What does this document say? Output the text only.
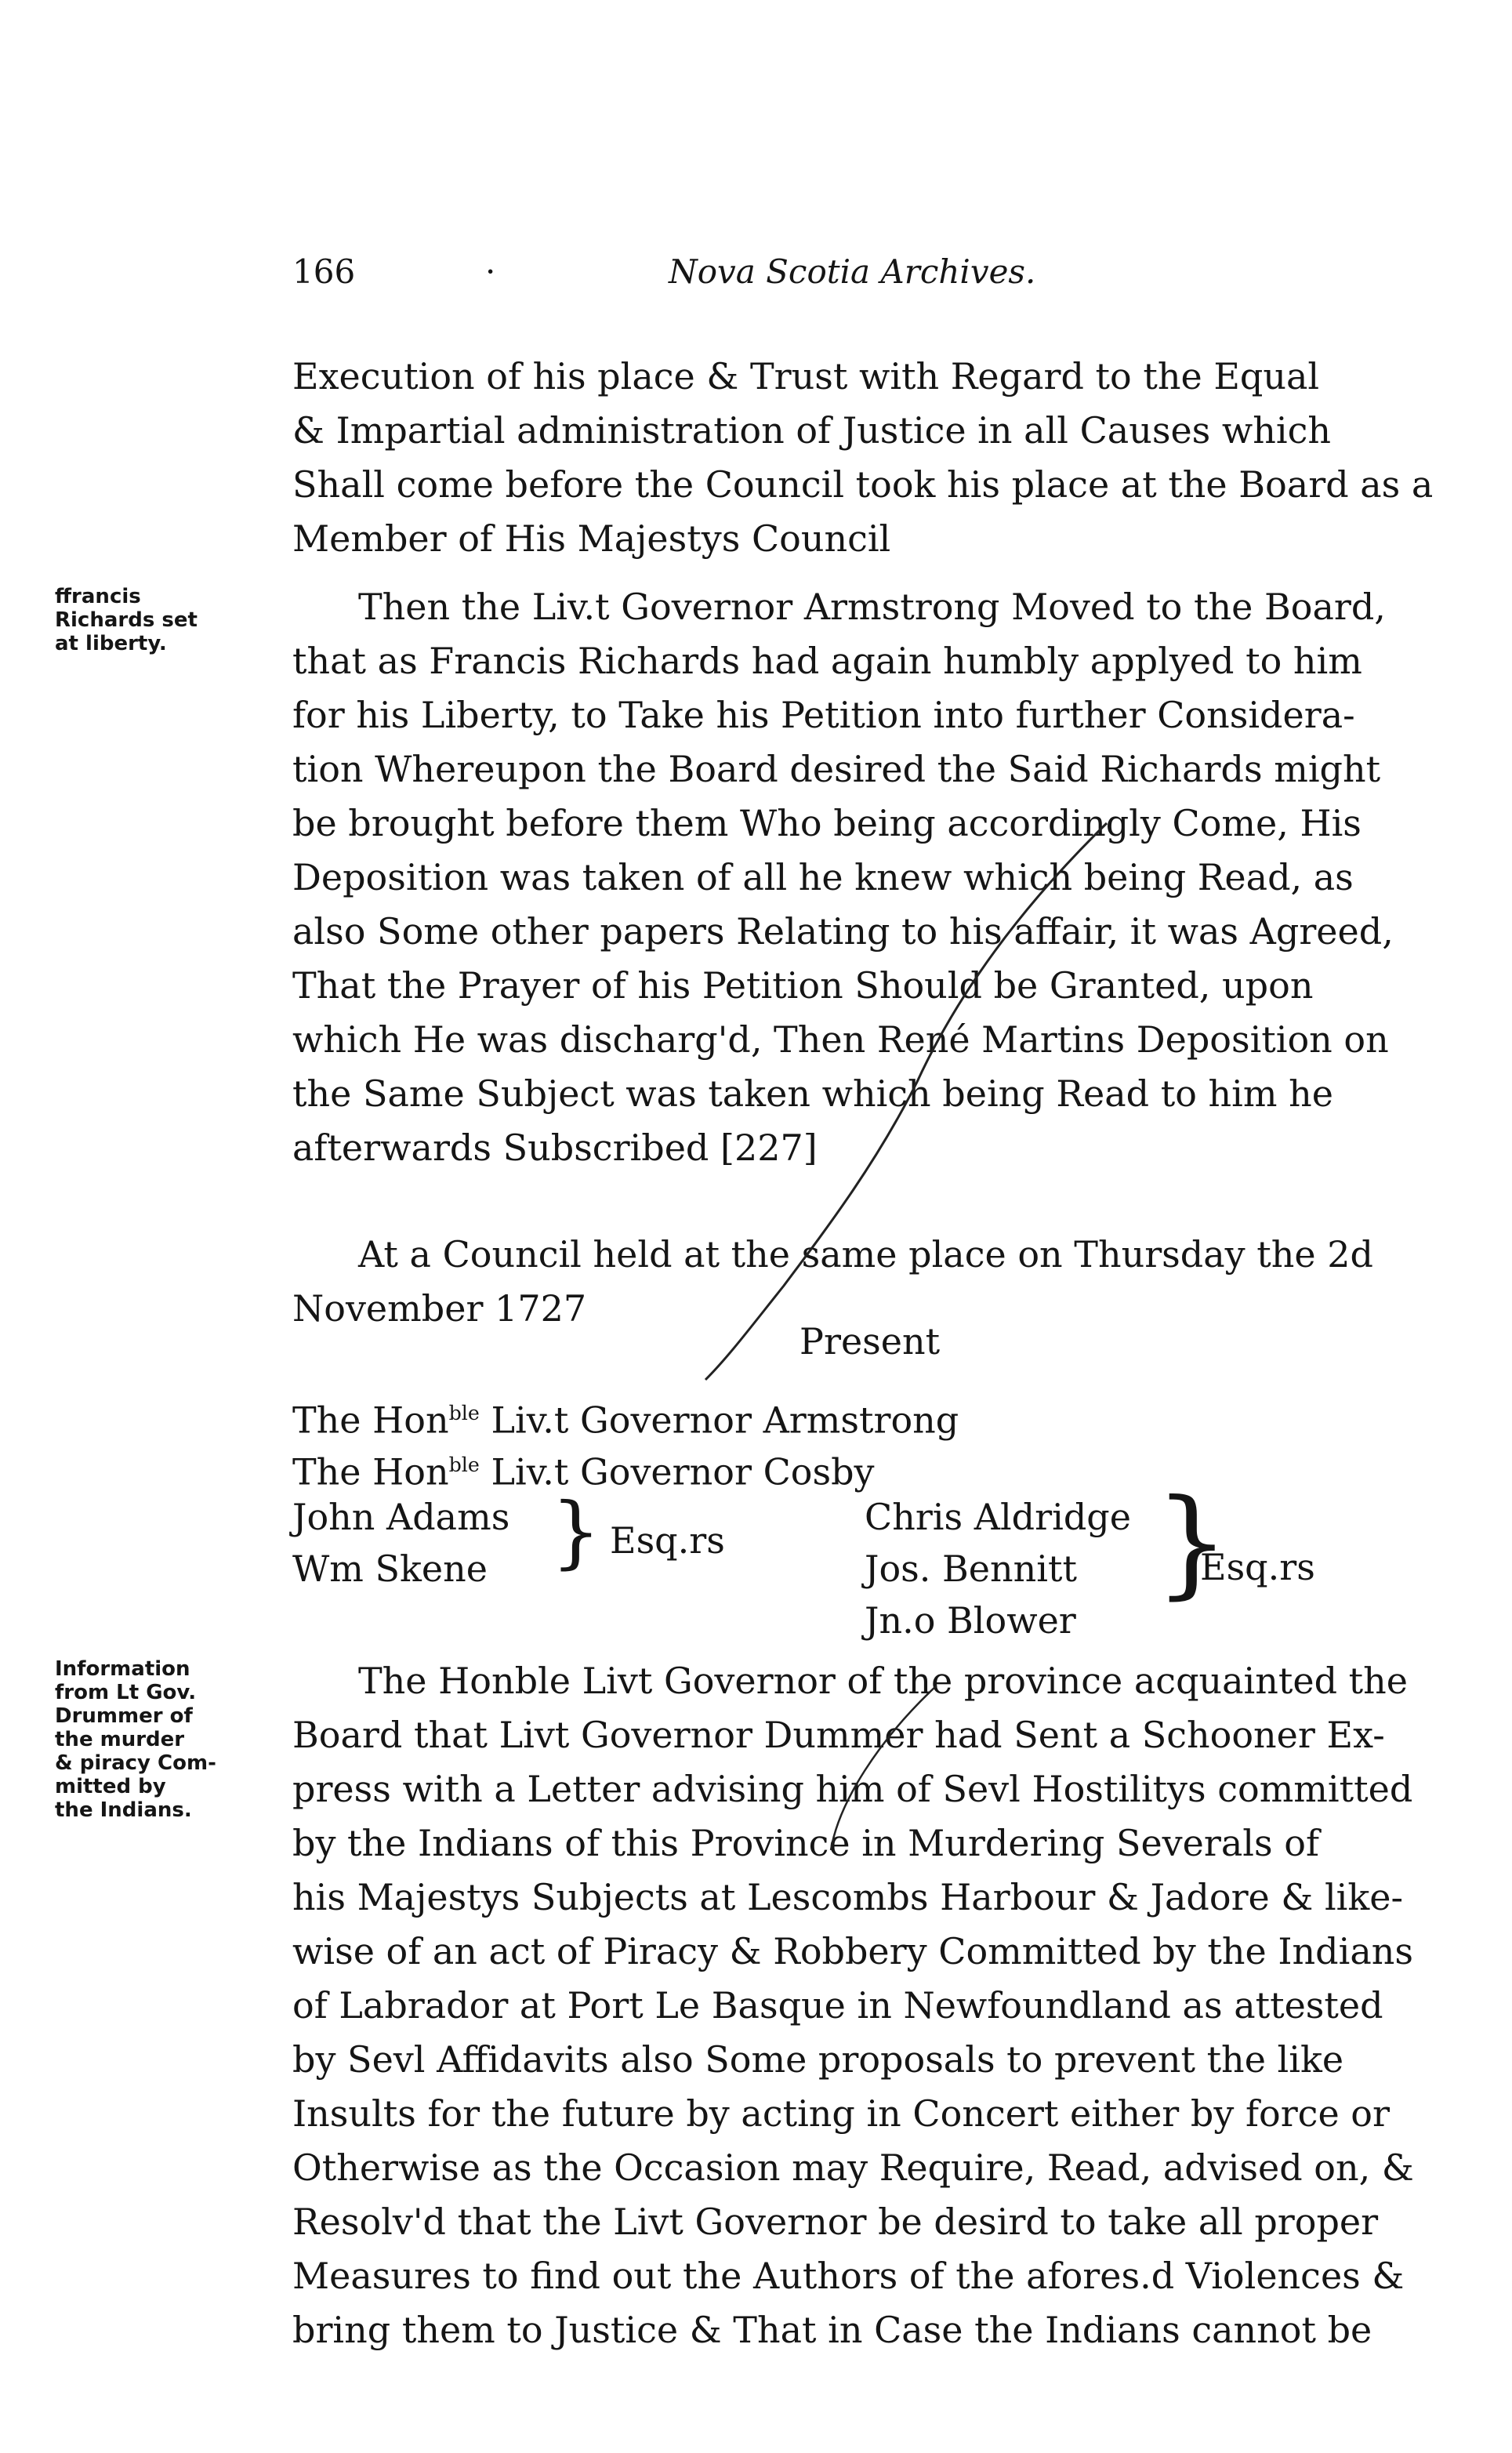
166	·	Nova Scotia Archives.
Execution of his place & Trust with Regard to the Equal
& Impartial administration of Justice in all Causes which
Shall come before the Council took his place at the Board as a
Member of His Majestys Council
ffrancis
Richards set
at liberty.
Then the Liv.t Governor Armstrong Moved to the Board,
that as Francis Richards had again humbly applyed to him
for his Liberty, to Take his Petition into further Considera-
tion Whereupon the Board desired the Said Richards might
be brought before them Who being accordingly Come, His
Deposition was taken of all he knew which being Read, as
also Some other papers Relating to his affair, it was Agreed,
That the Prayer of his Petition Should be Granted, upon
which He was discharg'd, Then René Martins Deposition on
the Same Subject was taken which being Read to him he
afterwards Subscribed [227]
At a Council held at the same place on Thursday the 2d
November 1727
Present
The Hon$^{ble}$ Liv.t Governor Armstrong
The Hon$^{ble}$ Liv.t Governor Cosby
John Adams
Wm Skene } Esq.rs
Chris Aldridge
Jos. Bennitt
Jn.o Blower
}
Esq.rs
Information
from Lt Gov.
Drummer of
the murder
& piracy Com-
mitted by
the Indians.
The Honble Livt Governor of the province acquainted the
Board that Livt Governor Dummer had Sent a Schooner Ex-
press with a Letter advising him of Sevl Hostilitys committed
by the Indians of this Province in Murdering Severals of
his Majestys Subjects at Lescombs Harbour & Jadore & like-
wise of an act of Piracy & Robbery Committed by the Indians
of Labrador at Port Le Basque in Newfoundland as attested
by Sevl Affidavits also Some proposals to prevent the like
Insults for the future by acting in Concert either by force or
Otherwise as the Occasion may Require, Read, advised on, &
Resolv'd that the Livt Governor be desird to take all proper
Measures to find out the Authors of the afores.d Violences &
bring them to Justice & That in Case the Indians cannot be
